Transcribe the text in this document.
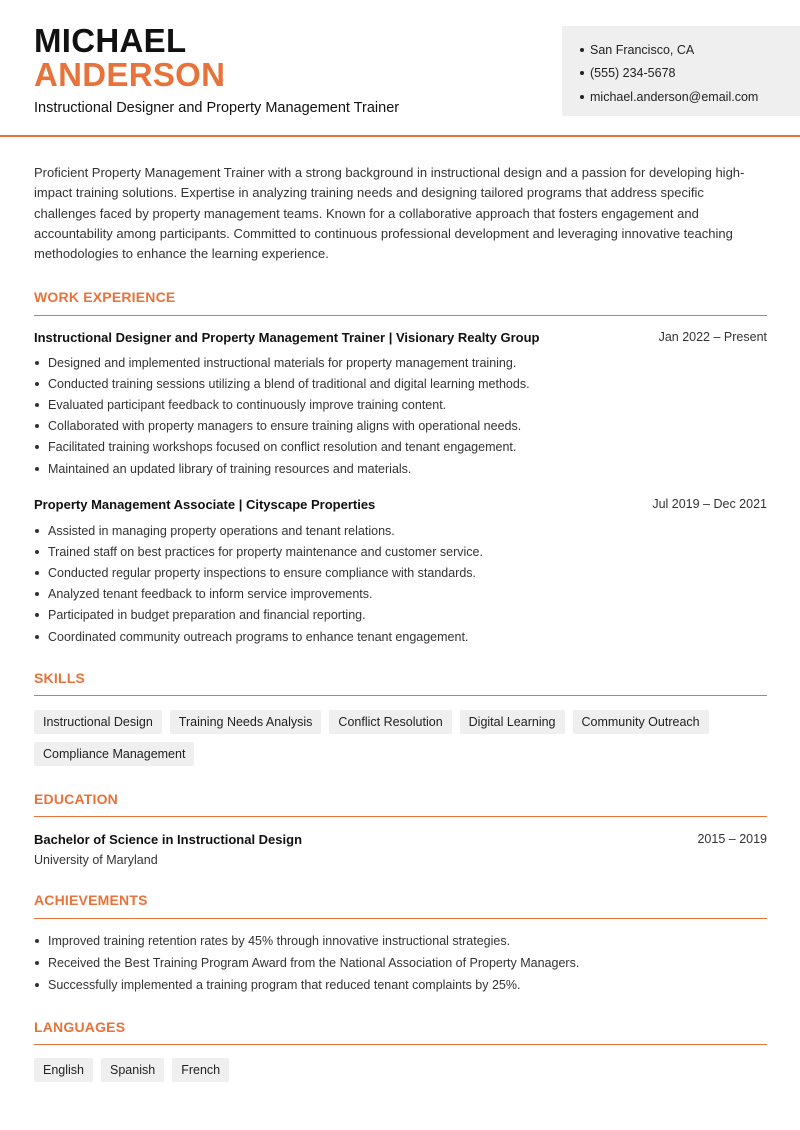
MICHAEL
ANDERSON
Instructional Designer and Property Management Trainer
San Francisco, CA
(555) 234-5678
michael.anderson@email.com

Proficient Property Management Trainer with a strong background in instructional design and a passion for developing high-impact training solutions. Expertise in analyzing training needs and designing tailored programs that address specific challenges faced by property management teams. Known for a collaborative approach that fosters engagement and accountability among participants. Committed to continuous professional development and leveraging innovative teaching methodologies to enhance the learning experience.

WORK EXPERIENCE
Instructional Designer and Property Management Trainer | Visionary Realty Group	Jan 2022 – Present
Designed and implemented instructional materials for property management training.
Conducted training sessions utilizing a blend of traditional and digital learning methods.
Evaluated participant feedback to continuously improve training content.
Collaborated with property managers to ensure training aligns with operational needs.
Facilitated training workshops focused on conflict resolution and tenant engagement.
Maintained an updated library of training resources and materials.
Property Management Associate | Cityscape Properties	Jul 2019 – Dec 2021
Assisted in managing property operations and tenant relations.
Trained staff on best practices for property maintenance and customer service.
Conducted regular property inspections to ensure compliance with standards.
Analyzed tenant feedback to inform service improvements.
Participated in budget preparation and financial reporting.
Coordinated community outreach programs to enhance tenant engagement.
SKILLS
Instructional Design	Training Needs Analysis	Conflict Resolution	Digital Learning	Community Outreach
Compliance Management
EDUCATION
Bachelor of Science in Instructional Design	2015 – 2019
University of Maryland
ACHIEVEMENTS
Improved training retention rates by 45% through innovative instructional strategies.
Received the Best Training Program Award from the National Association of Property Managers.
Successfully implemented a training program that reduced tenant complaints by 25%.
LANGUAGES
English	Spanish	French
